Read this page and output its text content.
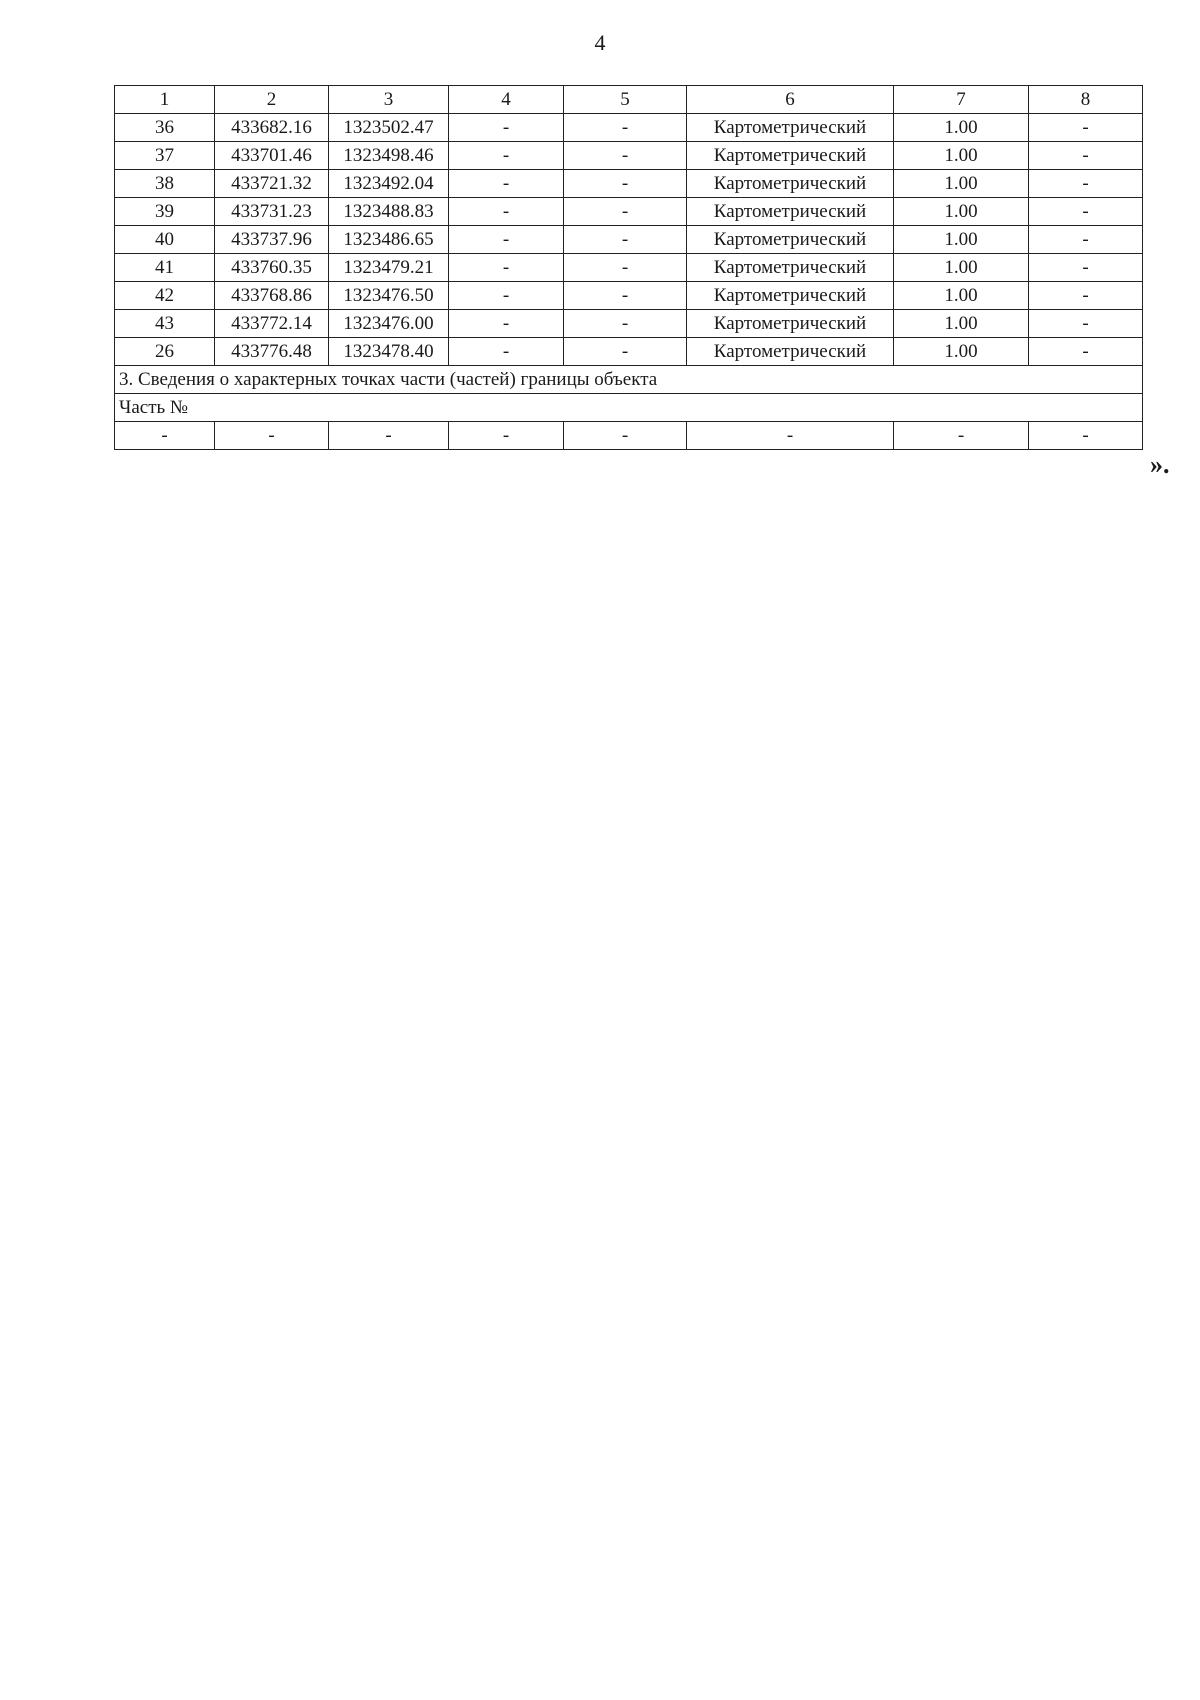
4
1	2	3	4	5	6	7	8
36	433682.16	1323502.47	-	-	Картометрический	1.00	-
37	433701.46	1323498.46	-	-	Картометрический	1.00	-
38	433721.32	1323492.04	-	-	Картометрический	1.00	-
39	433731.23	1323488.83	-	-	Картометрический	1.00	-
40	433737.96	1323486.65	-	-	Картометрический	1.00	-
41	433760.35	1323479.21	-	-	Картометрический	1.00	-
42	433768.86	1323476.50	-	-	Картометрический	1.00	-
43	433772.14	1323476.00	-	-	Картометрический	1.00	-
26	433776.48	1323478.40	-	-	Картометрический	1.00	-
3. Сведения о характерных точках части (частей) границы объекта							
Часть №							
-	-	-	-	-	-	-	-
».
